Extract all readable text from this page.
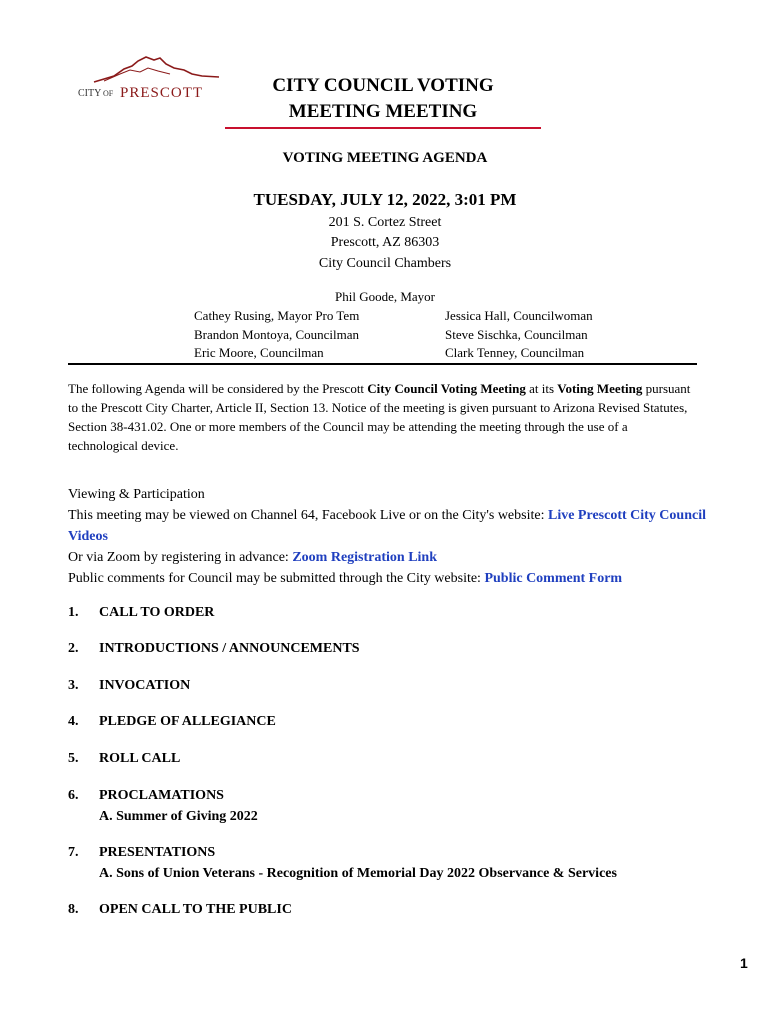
CITY OF PRESCOTT	CITY COUNCIL VOTING
MEETING MEETING
VOTING MEETING AGENDA
TUESDAY, JULY 12, 2022, 3:01 PM
201 S. Cortez Street
Prescott, AZ 86303
City Council Chambers
Phil Goode, Mayor
Cathey Rusing, Mayor Pro Tem
Brandon Montoya, Councilman
Eric Moore, Councilman
Jessica Hall, Councilwoman
Steve Sischka, Councilman
Clark Tenney, Councilman
The following Agenda will be considered by the Prescott City Council Voting Meeting at its Voting Meeting pursuant to the Prescott City Charter, Article II, Section 13. Notice of the meeting is given pursuant to Arizona Revised Statutes, Section 38-431.02. One or more members of the Council may be attending the meeting through the use of a technological device.
Viewing & Participation
This meeting may be viewed on Channel 64, Facebook Live or on the City's website: Live Prescott City Council Videos
Or via Zoom by registering in advance: Zoom Registration Link
Public comments for Council may be submitted through the City website: Public Comment Form
1. CALL TO ORDER
2. INTRODUCTIONS / ANNOUNCEMENTS
3. INVOCATION
4. PLEDGE OF ALLEGIANCE
5. ROLL CALL
6. PROCLAMATIONS
A. Summer of Giving 2022
7. PRESENTATIONS
A. Sons of Union Veterans - Recognition of Memorial Day 2022 Observance & Services
8. OPEN CALL TO THE PUBLIC
1
